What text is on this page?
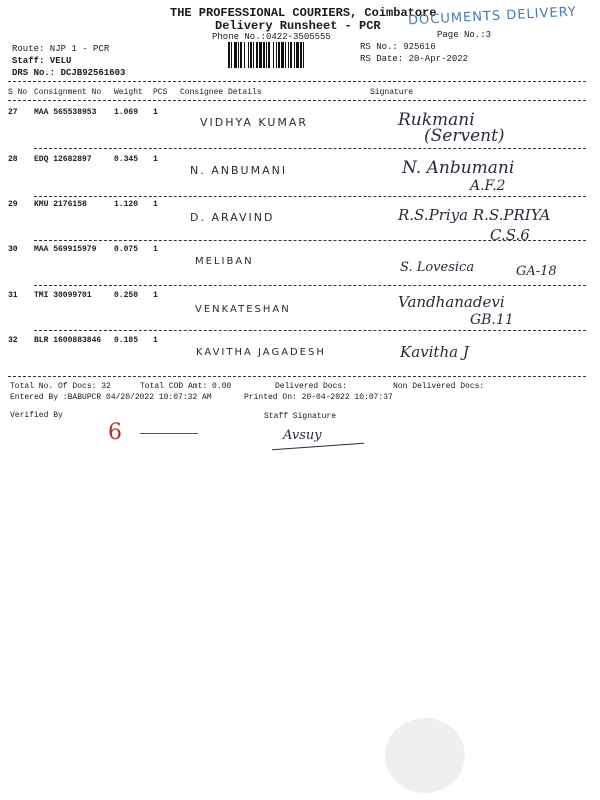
THE PROFESSIONAL COURIERS, Coimbatore
Delivery Runsheet - PCR
Phone No.:0422-3505555
DOCUMENTS DELIVERY
Page No.:3
Route: NJP 1 - PCR
Staff: VELU
DRS No.: DCJB92561603
RS No.: 925616
RS Date: 20-Apr-2022
S No Consignment No Weight PCS Consignee Details	Signature
27 MAA 565538953 1.069 1
VIDHYA KUMAR	Rukmani
(Servent)
28 EDQ 12682897	0.345 1
N. ANBUMANI	N. Anbumani
A.F.2
29 KMU 2176158	1.120 1
D. ARAVIND	R.S.Priya R.S.PRIYA
C.S.6
30 MAA 569915979 0.075 1
MELIBAN	S. Lovesica	GA-18
31 TMI 30099701	0.250 1
VENKATESHAN	Vandhanadevi
GB.11
32 BLR 1600883846 0.185 1
KAVITHA JAGADESH	Kavitha J
Total No. Of Docs: 32	Total COD Amt: 0.00	Delivered Docs:	Non Delivered Docs:
Entered By :BABUPCR 04/20/2022 10:07:32 AM	Printed On: 20-04-2022 10:07:37
Verified By
6
Staff Signature
Avsuy
